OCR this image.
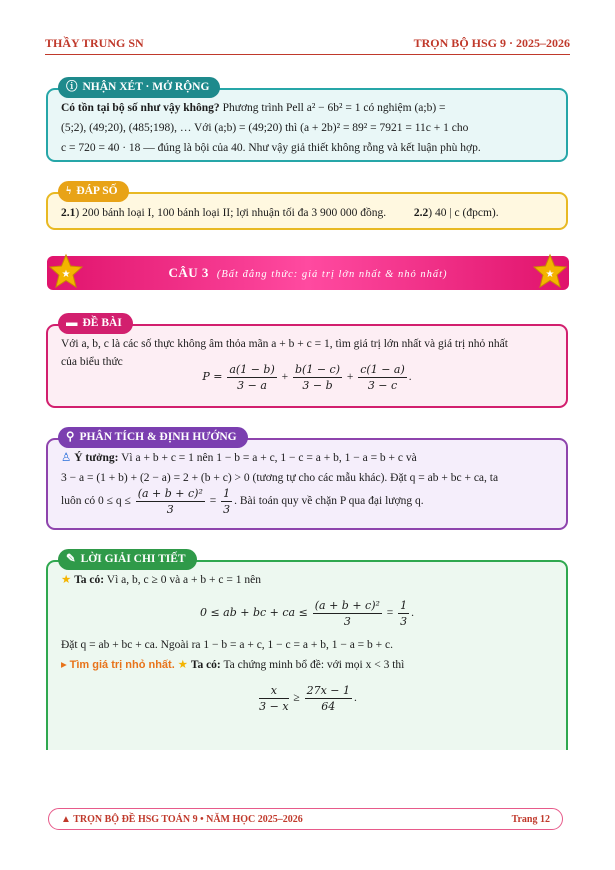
THẦY TRUNG SN	TRỌN BỘ HSG 9 · 2025–2026
ⓘ NHẬN XÉT · MỞ RỘNG
Có tồn tại bộ số như vậy không? Phương trình Pell a² − 6b² = 1 có nghiệm (a;b) =
(5;2), (49;20), (485;198), … Với (a;b) = (49;20) thì (a + 2b)² = 89² = 7921 = 11c + 1 cho
c = 720 = 40 · 18 — đúng là bội của 40. Như vậy giả thiết không rỗng và kết luận phù hợp.
ϟ ĐÁP SỐ
2.1) 200 bánh loại I, 100 bánh loại II; lợi nhuận tối đa 3 900 000 đồng. 2.2) 40 | c (đpcm).
★	CÂU 3 (Bất đẳng thức: giá trị lớn nhất & nhỏ nhất)	★
▬ ĐỀ BÀI
Với a, b, c là các số thực không âm thỏa mãn a + b + c = 1, tìm giá trị lớn nhất và giá trị nhỏ nhất
của biểu thức
$P = \frac{a(1 - b)}{3 - a} + \frac{b(1 - c)}{3 - b} + \frac{c(1 - a)}{3 - c}$ .
⚲ PHÂN TÍCH & ĐỊNH HƯỚNG
♙ Ý tưởng: Vì a + b + c = 1 nên 1 − b = a + c, 1 − c = a + b, 1 − a = b + c và
3 − a = (1 + b) + (2 − a) = 2 + (b + c) > 0 (tương tự cho các mẫu khác). Đặt q = ab + bc + ca, ta
luôn có $0 \le q \le \frac{\text{(a + b + c)²}}{3} = \frac{1}{3}$ . Bài toán quy về chặn P qua đại lượng q.
✎ LỜI GIẢI CHI TIẾT
★ Ta có: Vì a, b, c ≥ 0 và a + b + c = 1 nên
0 ≤ ab + bc + ca ≤ $\frac{\text{(a + b + c)²}}{3} = \frac{1}{3}$ .
Đặt q = ab + bc + ca. Ngoài ra 1 − b = a + c, 1 − c = a + b, 1 − a = b + c.
▸ Tìm giá trị nhỏ nhất. ★ Ta có: Ta chứng minh bổ đề: với mọi x < 3 thì
$\frac{x}{3 - x} \ge \frac{27x - 1}{64}$ .
▲ TRỌN BỘ ĐỀ HSG TOÁN 9 • NĂM HỌC 2025–2026	Trang 12
